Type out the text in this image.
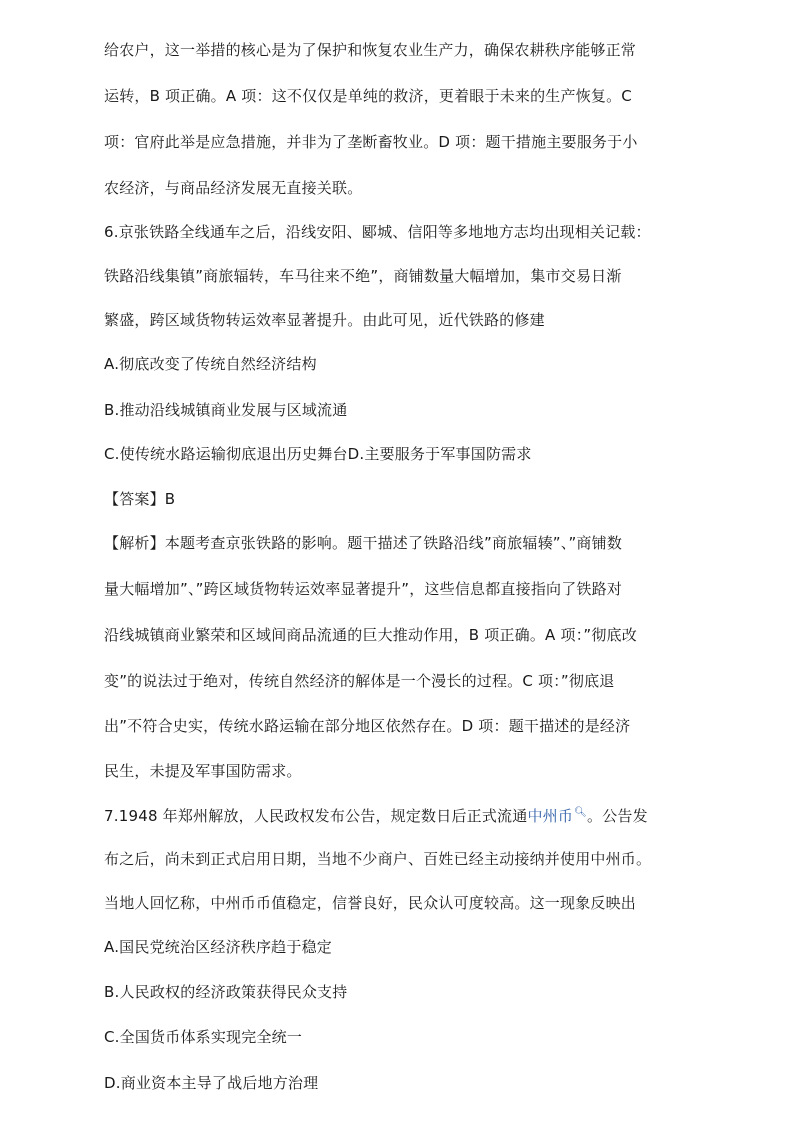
给农户，这一举措的核心是为了保护和恢复农业生产力，确保农耕秩序能够正常
运转，B 项正确。A 项：这不仅仅是单纯的救济，更着眼于未来的生产恢复。C
项：官府此举是应急措施，并非为了垄断畜牧业。D 项：题干措施主要服务于小
农经济，与商品经济发展无直接关联。
6.京张铁路全线通车之后，沿线安阳、郾城、信阳等多地地方志均出现相关记载：
铁路沿线集镇”商旅辐转，车马往来不绝”，商铺数量大幅增加，集市交易日渐
繁盛，跨区域货物转运效率显著提升。由此可见，近代铁路的修建
A.彻底改变了传统自然经济结构
B.推动沿线城镇商业发展与区域流通
C.使传统水路运输彻底退出历史舞台D.主要服务于军事国防需求
【答案】B
【解析】本题考查京张铁路的影响。题干描述了铁路沿线”商旅辐辏”、”商铺数
量大幅增加”、”跨区域货物转运效率显著提升”，这些信息都直接指向了铁路对
沿线城镇商业繁荣和区域间商品流通的巨大推动作用，B 项正确。A 项：”彻底改
变”的说法过于绝对，传统自然经济的解体是一个漫长的过程。C 项：”彻底退
出”不符合史实，传统水路运输在部分地区依然存在。D 项：题干描述的是经济
民生，未提及军事国防需求。
7.1948 年郑州解放，人民政权发布公告，规定数日后正式流通中州币🔍︎。公告发
布之后，尚未到正式启用日期，当地不少商户、百姓已经主动接纳并使用中州币。
当地人回忆称，中州币币值稳定，信誉良好，民众认可度较高。这一现象反映出
A.国民党统治区经济秩序趋于稳定
B.人民政权的经济政策获得民众支持
C.全国货币体系实现完全统一
D.商业资本主导了战后地方治理
